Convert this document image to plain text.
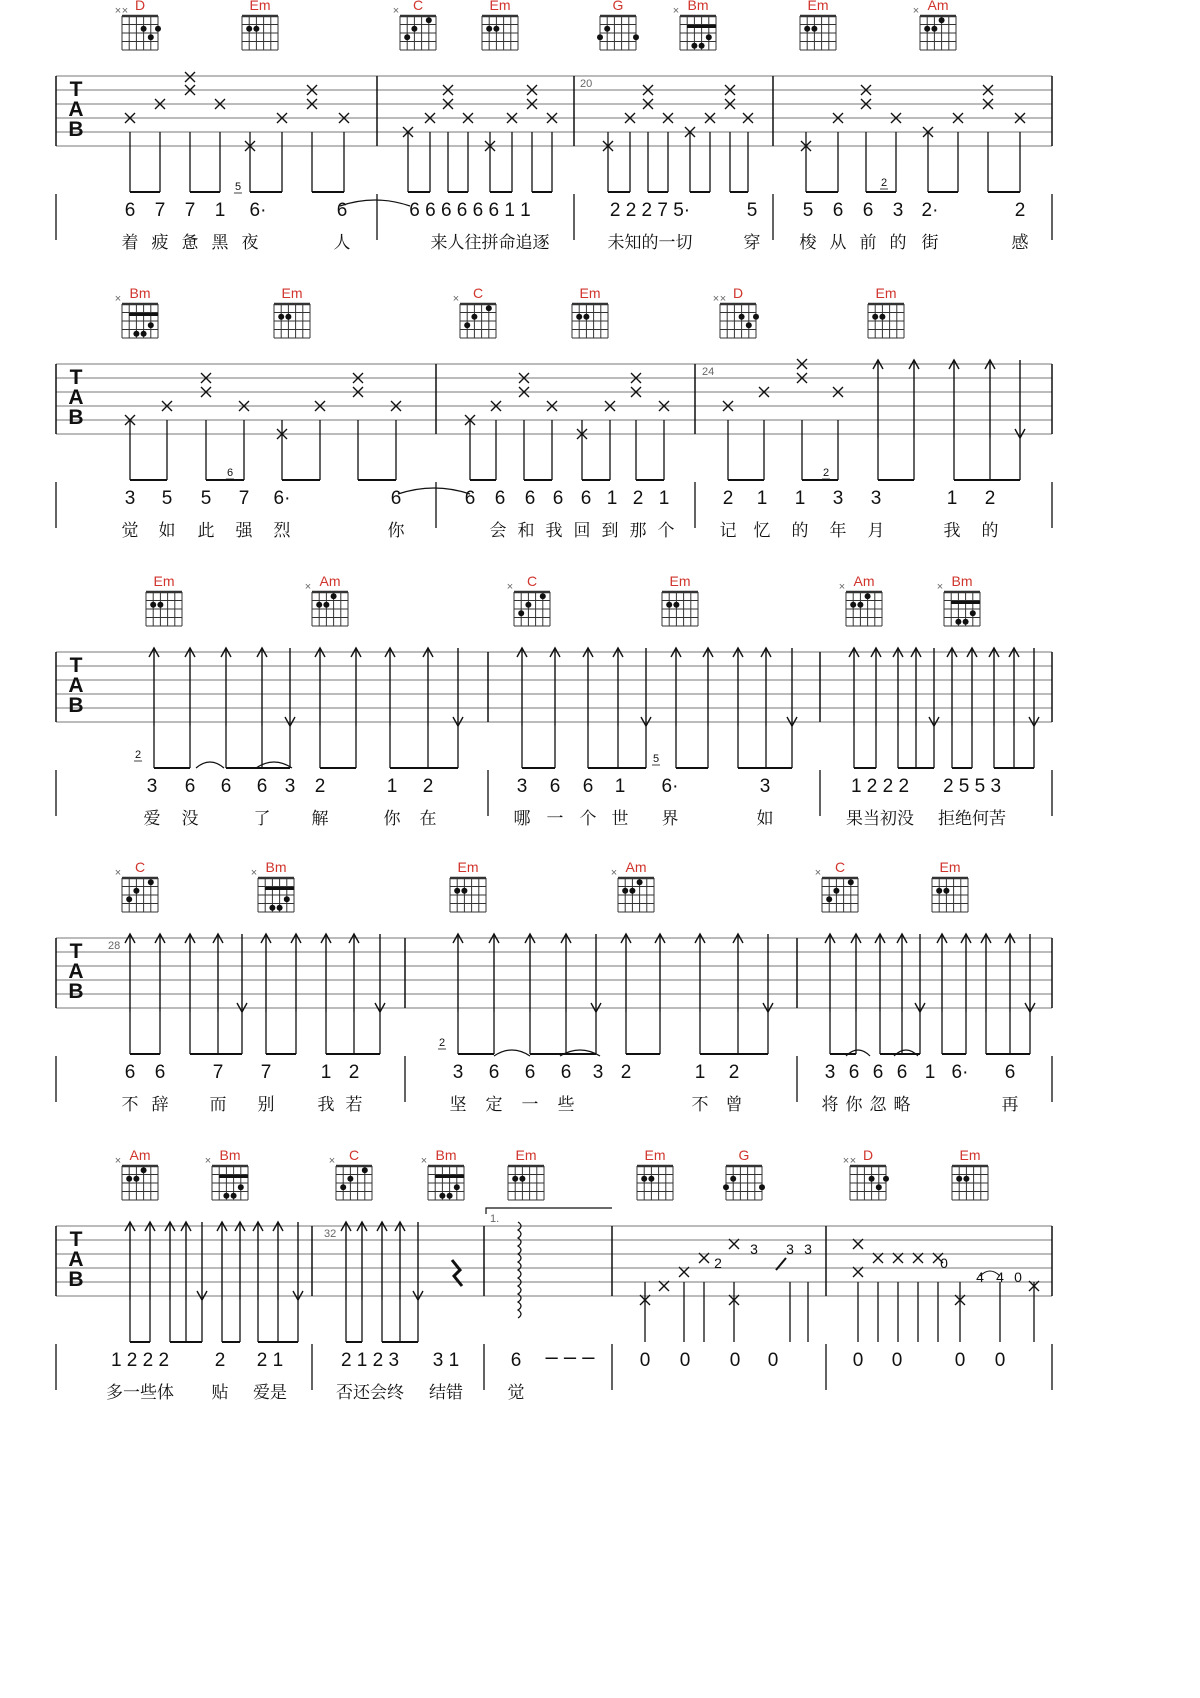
T
A
B
20
6 7 7 1 6·	6	6 6 6 6 6 6 1 1	2 2 2 7 5·	5 5 6 6 3 2·	2
着 疲 惫 黑 夜	人	来人往拼命追逐	未知的一切	穿 梭 从 前 的 街	感
5	2
D
× ×	Em	C
×	Em	G	Bm
×	Em	Am
×
T
A
B
24
3 5 5 7 6·	6	6 6 6 6 6 1 2 1	2 1 1 3 3	1 2
觉 如 此 强 烈	你	会 和 我 回 到 那 个	记 忆 的 年 月	我 的
6	2
Bm
×	Em	C
×	Em	D
× ×	Em
T
A
B
3 6 6 6 3 2	1 2	3 6 6 1 6·	3	1 2 2 2 2 5 5 3
爱 没	了 解	你 在	哪 一 个 世 界	如	果当初没 拒绝何苦
2	5
Em	Am
×	C
×	Em	Am
×	Bm
×
T
A
B
28
6 6 7 7	1 2	3 6 6 6 3 2	1 2	3 6 6 6 1 6· 6
不 辞 而 别	我 若	坚 定 一 些	不 曾	将 你 忽 略	再
2
C
×	Bm
×	Em	Am
×	C
×	Em
T
A
B
32
1.
2
3 3 3
0
4 4 0
1 2 2 2 2 2 1	2 1 2 3 3 1	6	0 0 0 0	0 0	0 0
多一些体 贴 爱是	否还会终 结错	觉
– – –
Am
×	Bm
×	C
×	Bm
×	Em	Em	G	D
× ×	Em
